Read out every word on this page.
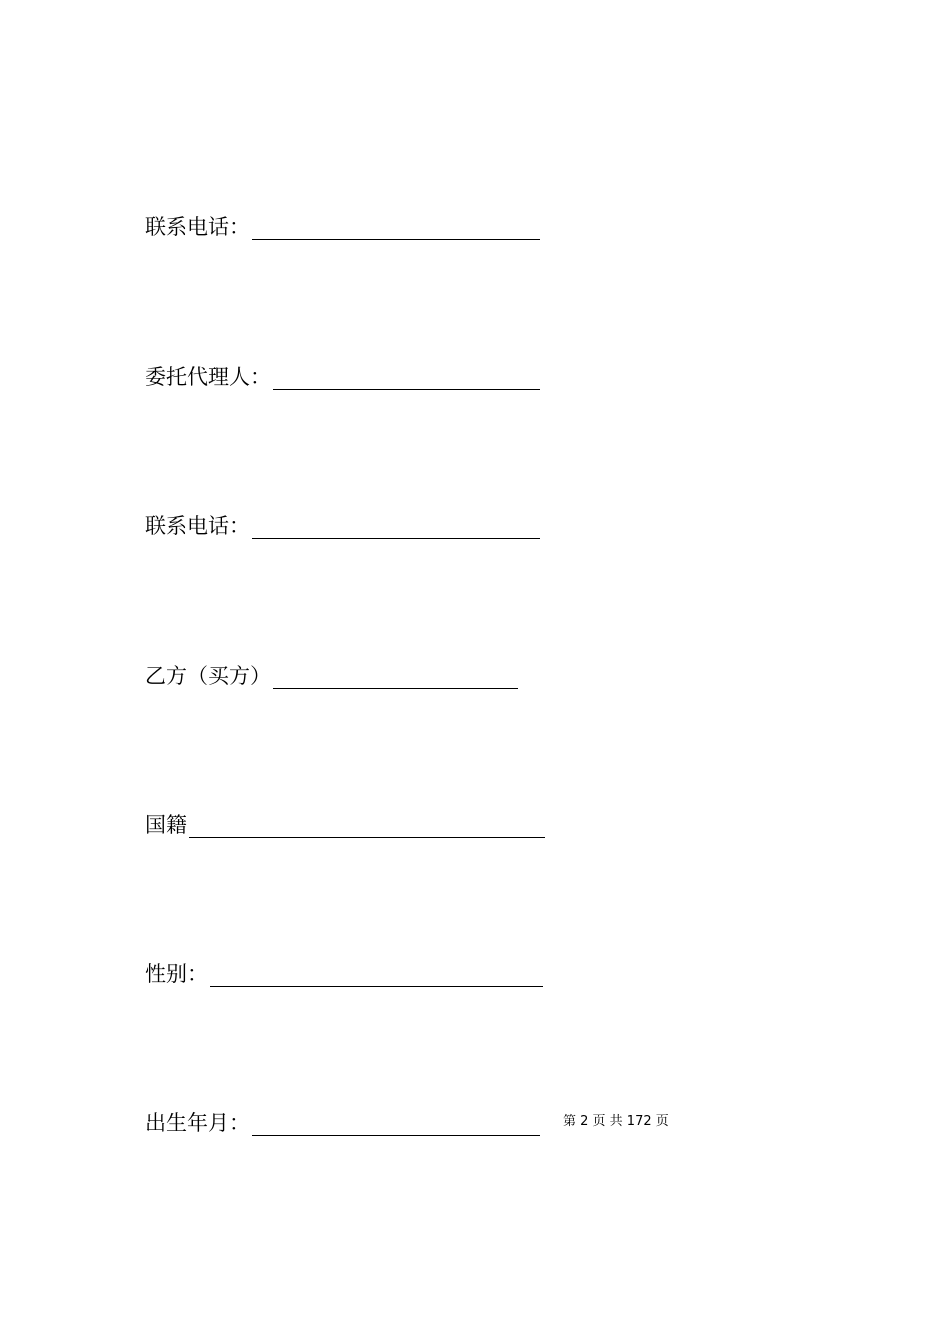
联系电话：
委托代理人：
联系电话：
乙方（买方）
国籍
性别：
出生年月：	第 2 页 共 172 页
